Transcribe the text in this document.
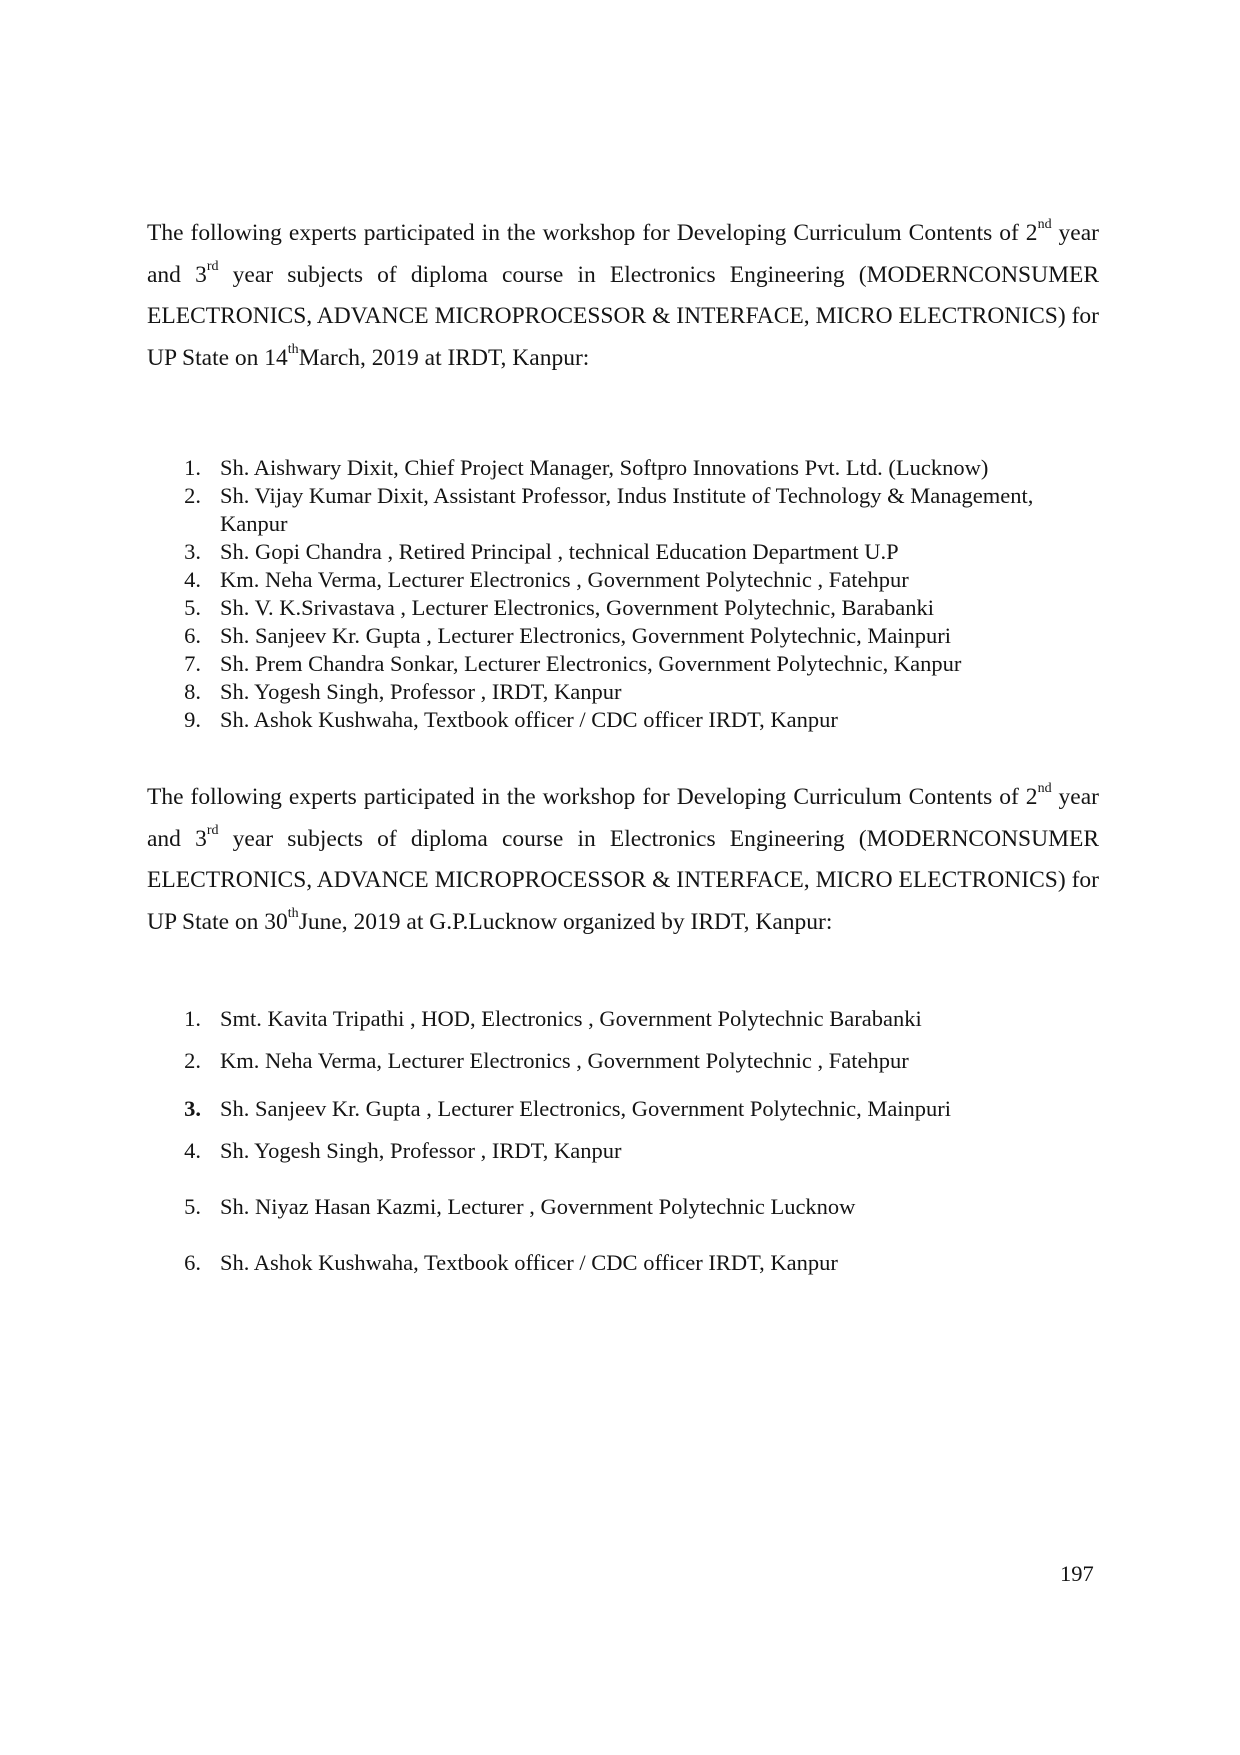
The following experts participated in the workshop for Developing Curriculum Contents of 2nd year and 3rd year subjects of diploma course in Electronics Engineering (MODERNCONSUMER ELECTRONICS, ADVANCE MICROPROCESSOR & INTERFACE, MICRO ELECTRONICS) for UP State on 14thMarch, 2019 at IRDT, Kanpur:

1. Sh. Aishwary Dixit, Chief Project Manager, Softpro Innovations Pvt. Ltd. (Lucknow)
2. Sh. Vijay Kumar Dixit, Assistant Professor, Indus Institute of Technology & Management, Kanpur
3. Sh. Gopi Chandra , Retired Principal , technical Education Department U.P
4. Km. Neha Verma, Lecturer Electronics , Government Polytechnic , Fatehpur
5. Sh. V. K.Srivastava , Lecturer Electronics, Government Polytechnic, Barabanki
6. Sh. Sanjeev Kr. Gupta , Lecturer Electronics, Government Polytechnic, Mainpuri
7. Sh. Prem Chandra Sonkar, Lecturer Electronics, Government Polytechnic, Kanpur
8. Sh. Yogesh Singh, Professor , IRDT, Kanpur
9. Sh. Ashok Kushwaha, Textbook officer / CDC officer IRDT, Kanpur

The following experts participated in the workshop for Developing Curriculum Contents of 2nd year and 3rd year subjects of diploma course in Electronics Engineering (MODERNCONSUMER ELECTRONICS, ADVANCE MICROPROCESSOR & INTERFACE, MICRO ELECTRONICS) for UP State on 30thJune, 2019 at G.P.Lucknow organized by IRDT, Kanpur:

1. Smt. Kavita Tripathi , HOD, Electronics , Government Polytechnic Barabanki
2. Km. Neha Verma, Lecturer Electronics , Government Polytechnic , Fatehpur
3. Sh. Sanjeev Kr. Gupta , Lecturer Electronics, Government Polytechnic, Mainpuri
4. Sh. Yogesh Singh, Professor , IRDT, Kanpur
5. Sh. Niyaz Hasan Kazmi, Lecturer , Government Polytechnic Lucknow
6. Sh. Ashok Kushwaha, Textbook officer / CDC officer IRDT, Kanpur
197
